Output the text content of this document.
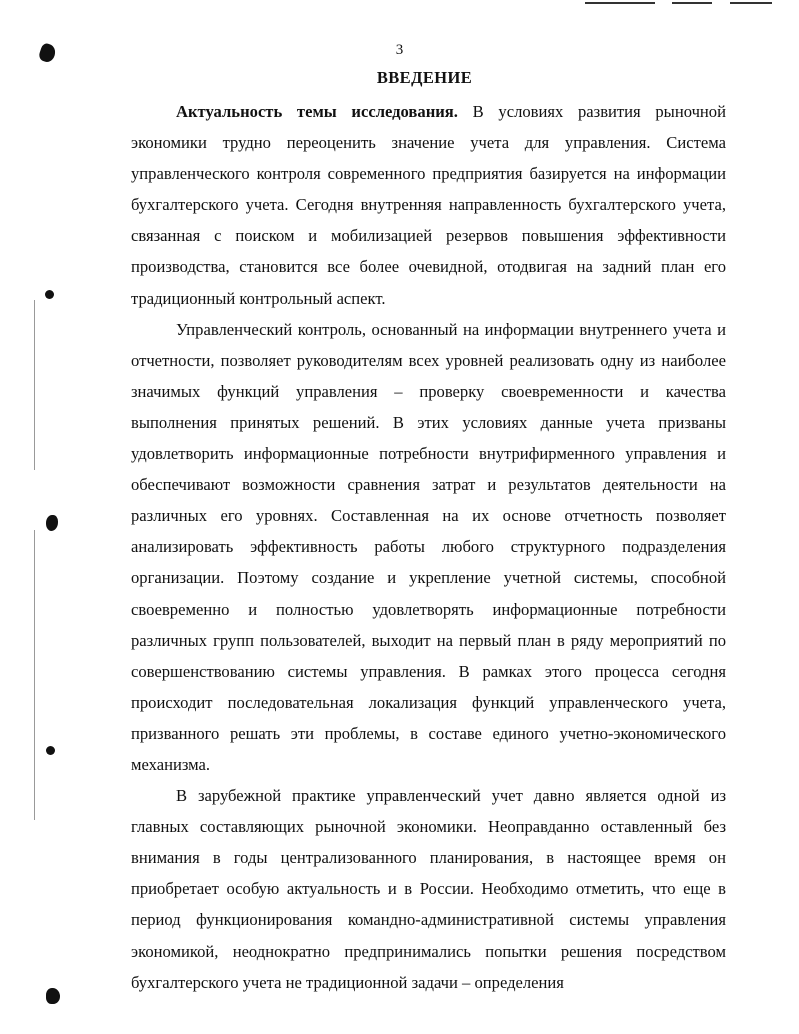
3
ВВЕДЕНИЕ

Актуальность темы исследования. В условиях развития рыночной экономики трудно переоценить значение учета для управления. Система управленческого контроля современного предприятия базируется на информации бухгалтерского учета. Сегодня внутренняя направленность бухгалтерского учета, связанная с поиском и мобилизацией резервов повышения эффективности производства, становится все более очевидной, отодвигая на задний план его традиционный контрольный аспект.

Управленческий контроль, основанный на информации внутреннего учета и отчетности, позволяет руководителям всех уровней реализовать одну из наиболее значимых функций управления – проверку своевременности и качества выполнения принятых решений. В этих условиях данные учета призваны удовлетворить информационные потребности внутрифирменного управления и обеспечивают возможности сравнения затрат и результатов деятельности на различных его уровнях. Составленная на их основе отчетность позволяет анализировать эффективность работы любого структурного подразделения организации. Поэтому создание и укрепление учетной системы, способной своевременно и полностью удовлетворять информационные потребности различных групп пользователей, выходит на первый план в ряду мероприятий по совершенствованию системы управления. В рамках этого процесса сегодня происходит последовательная локализация функций управленческого учета, призванного решать эти проблемы, в составе единого учетно-экономического механизма.

В зарубежной практике управленческий учет давно является одной из главных составляющих рыночной экономики. Неоправданно оставленный без внимания в годы централизованного планирования, в настоящее время он приобретает особую актуальность и в России. Необходимо отметить, что еще в период функционирования командно-административной системы управления экономикой, неоднократно предпринимались попытки решения посредством бухгалтерского учета не традиционной задачи – определения
